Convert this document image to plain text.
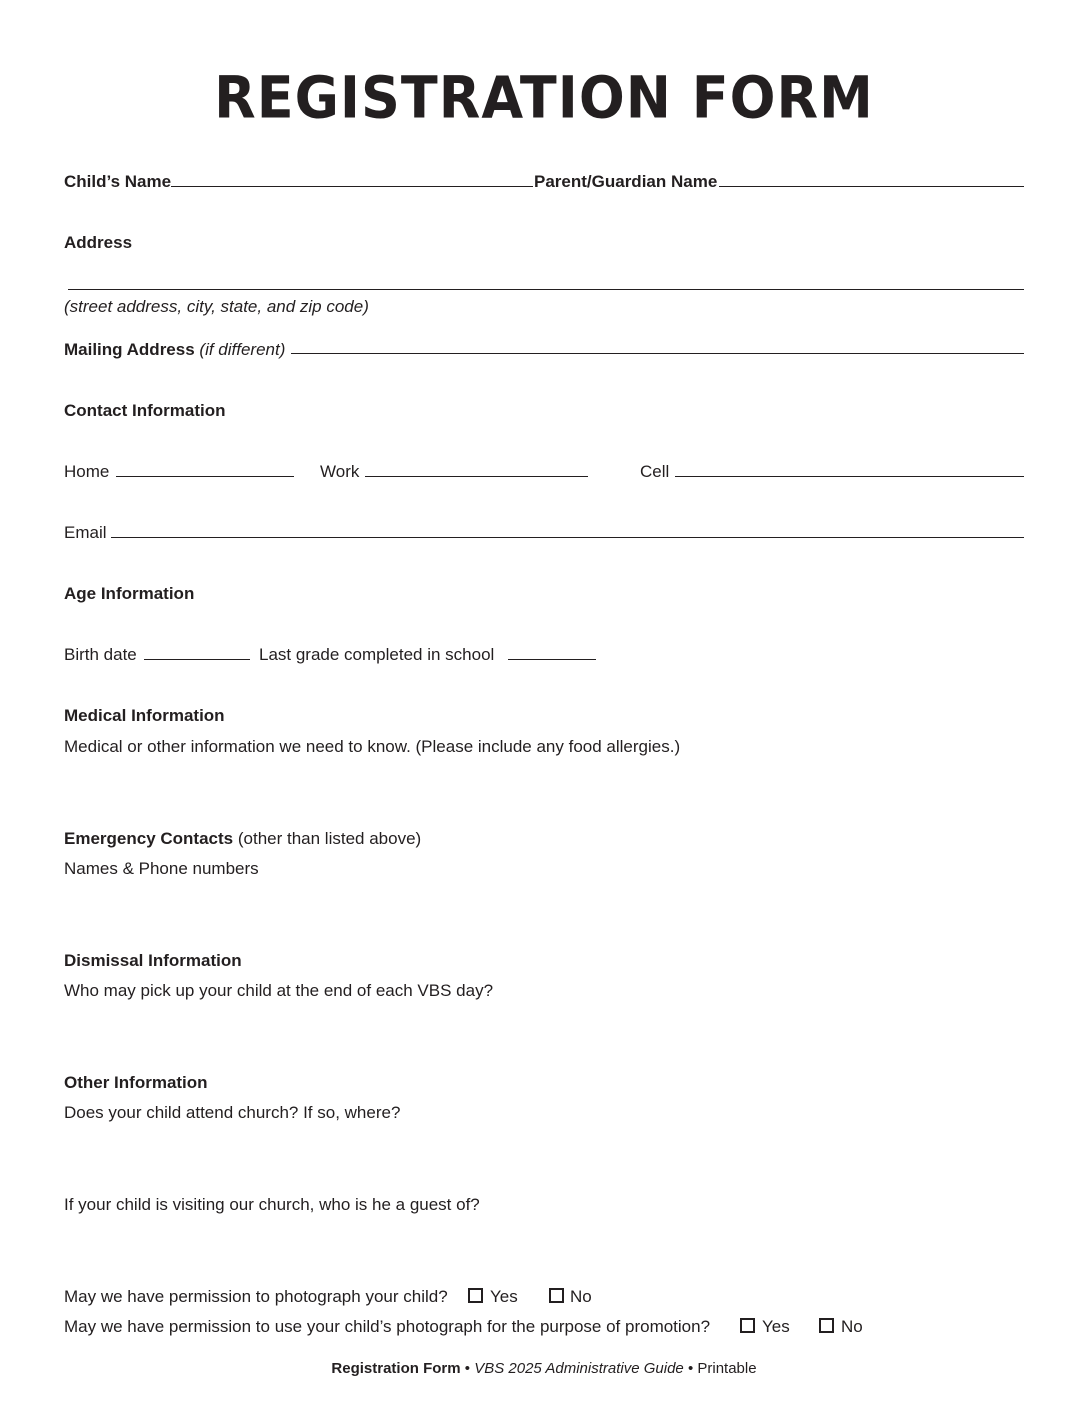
REGISTRATION FORM
Child’s Name	Parent/Guardian Name
Address
(street address, city, state, and zip code)
Mailing Address (if different)
Contact Information
Home	Work	Cell
Email
Age Information
Birth date	Last grade completed in school
Medical Information
Medical or other information we need to know. (Please include any food allergies.)
Emergency Contacts (other than listed above)
Names & Phone numbers
Dismissal Information
Who may pick up your child at the end of each VBS day?
Other Information
Does your child attend church? If so, where?
If your child is visiting our church, who is he a guest of?
May we have permission to photograph your child? Yes	No
May we have permission to use your child’s photograph for the purpose of promotion?	Yes	No
Registration Form • VBS 2025 Administrative Guide • Printable
